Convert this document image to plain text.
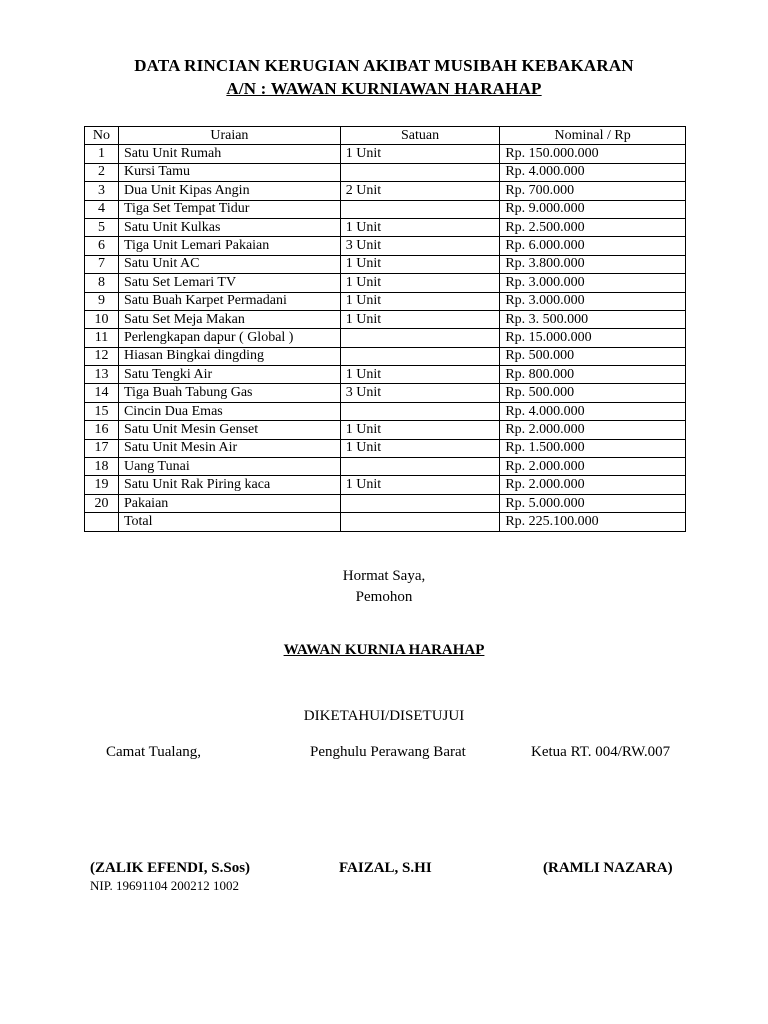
DATA RINCIAN KERUGIAN AKIBAT MUSIBAH KEBAKARAN
A/N : WAWAN KURNIAWAN HARAHAP
No	Uraian	Satuan	Nominal / Rp
1	Satu Unit Rumah	1 Unit	Rp. 150.000.000
2	Kursi Tamu		Rp. 4.000.000
3	Dua Unit Kipas Angin	2 Unit	Rp. 700.000
4	Tiga Set Tempat Tidur		Rp. 9.000.000
5	Satu Unit Kulkas	1 Unit	Rp. 2.500.000
6	Tiga Unit Lemari Pakaian	3 Unit	Rp. 6.000.000
7	Satu Unit AC	1 Unit	Rp. 3.800.000
8	Satu Set Lemari TV	1 Unit	Rp. 3.000.000
9	Satu Buah Karpet Permadani	1 Unit	Rp. 3.000.000
10	Satu Set Meja Makan	1 Unit	Rp. 3. 500.000
11	Perlengkapan dapur ( Global )		Rp. 15.000.000
12	Hiasan Bingkai dingding		Rp. 500.000
13	Satu Tengki Air	1 Unit	Rp. 800.000
14	Tiga Buah Tabung Gas	3 Unit	Rp. 500.000
15	Cincin Dua Emas		Rp. 4.000.000
16	Satu Unit Mesin Genset	1 Unit	Rp. 2.000.000
17	Satu Unit Mesin Air	1 Unit	Rp. 1.500.000
18	Uang Tunai		Rp. 2.000.000
19	Satu Unit Rak Piring kaca	1 Unit	Rp. 2.000.000
20	Pakaian		Rp. 5.000.000
	Total		Rp. 225.100.000
Hormat Saya,
Pemohon
WAWAN KURNIA HARAHAP
DIKETAHUI/DISETUJUI
Camat Tualang,	Penghulu Perawang Barat	Ketua RT. 004/RW.007
(ZALIK EFENDI, S.Sos)	FAIZAL, S.HI	(RAMLI NAZARA)
NIP. 19691104 200212 1002
